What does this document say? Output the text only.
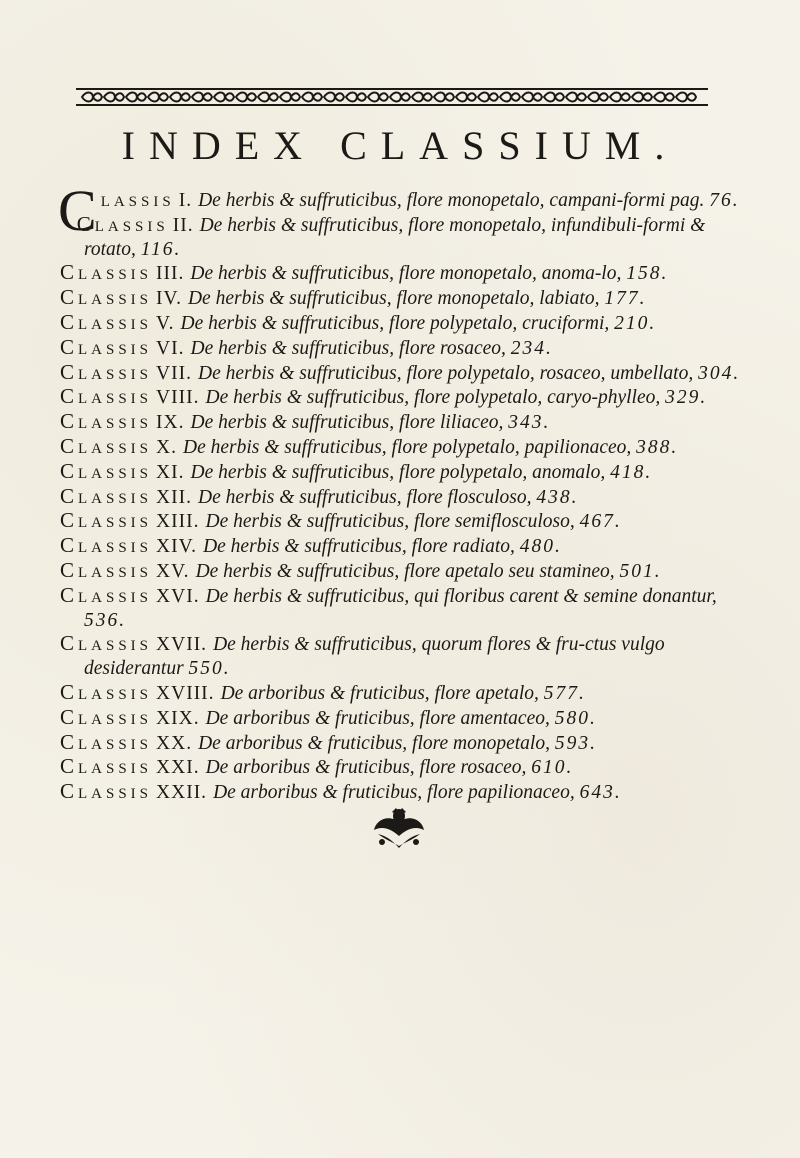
INDEX CLASSIUM.

Classis I. De herbis & suffruticibus, flore monopetalo, campani-formi pag. 76.

Classis II. De herbis & suffruticibus, flore monopetalo, infundibuli-formi & rotato, 116.

Classis III. De herbis & suffruticibus, flore monopetalo, anoma-lo, 158.

Classis IV. De herbis & suffruticibus, flore monopetalo, labiato, 177.

Classis V. De herbis & suffruticibus, flore polypetalo, cruciformi, 210.

Classis VI. De herbis & suffruticibus, flore rosaceo, 234.

Classis VII. De herbis & suffruticibus, flore polypetalo, rosaceo, umbellato, 304.

Classis VIII. De herbis & suffruticibus, flore polypetalo, caryo-phylleo, 329.

Classis IX. De herbis & suffruticibus, flore liliaceo, 343.

Classis X. De herbis & suffruticibus, flore polypetalo, papilionaceo, 388.

Classis XI. De herbis & suffruticibus, flore polypetalo, anomalo, 418.

Classis XII. De herbis & suffruticibus, flore flosculoso, 438.

Classis XIII. De herbis & suffruticibus, flore semiflosculoso, 467.

Classis XIV. De herbis & suffruticibus, flore radiato, 480.

Classis XV. De herbis & suffruticibus, flore apetalo seu stamineo, 501.

Classis XVI. De herbis & suffruticibus, qui floribus carent & semine donantur, 536.

Classis XVII. De herbis & suffruticibus, quorum flores & fru-ctus vulgo desiderantur 550.

Classis XVIII. De arboribus & fruticibus, flore apetalo, 577.

Classis XIX. De arboribus & fruticibus, flore amentaceo, 580.

Classis XX. De arboribus & fruticibus, flore monopetalo, 593.

Classis XXI. De arboribus & fruticibus, flore rosaceo, 610.

Classis XXII. De arboribus & fruticibus, flore papilionaceo, 643.
